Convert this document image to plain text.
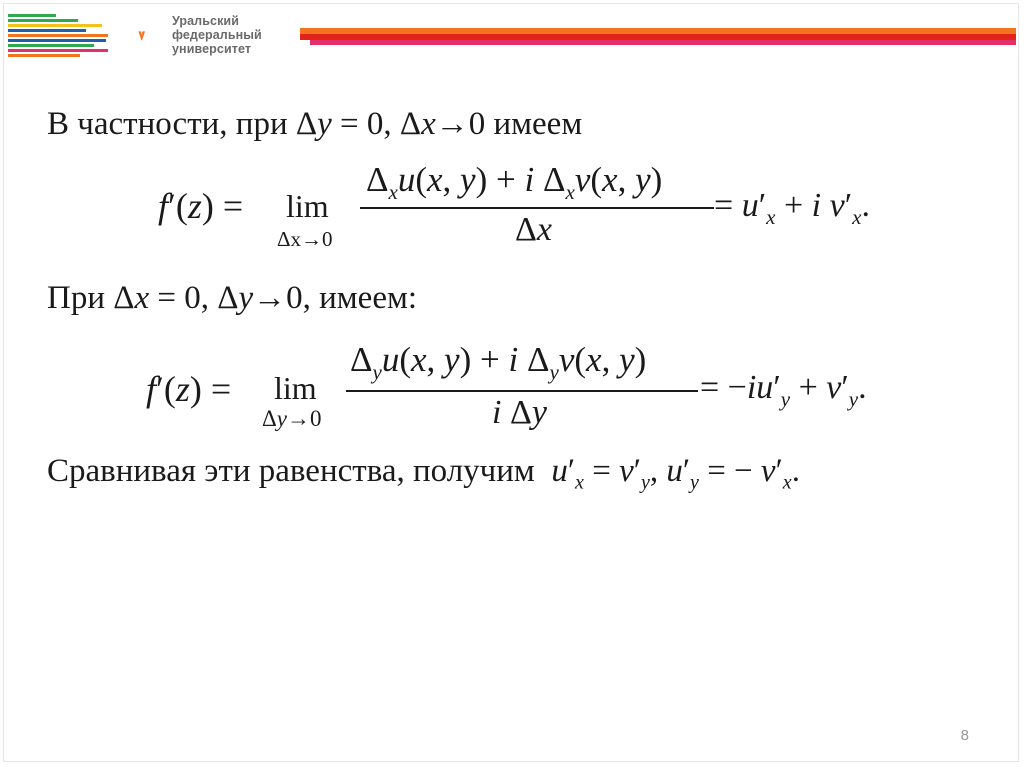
Уральский
федеральный
университет
В частности, при Δy = 0, Δx→0 имеем
f′(z) = lim
Δx→0
$\Delta_xu(x$, y) + i $\Delta_xv(x$, y)
Δx
= $u'_x + i$ $v'_x$.
При Δx = 0, Δy→0, имеем:
f′(z) = lim
Δy→0
$\Delta_yu(x$, y) + i $\Delta_yv(x$, y)
i Δy
= $-iu'_y + v'_y$.
Сравнивая эти равенства, получим  $u'_x = v'_y$, $u'_y$ = − $v'_x$.
8
